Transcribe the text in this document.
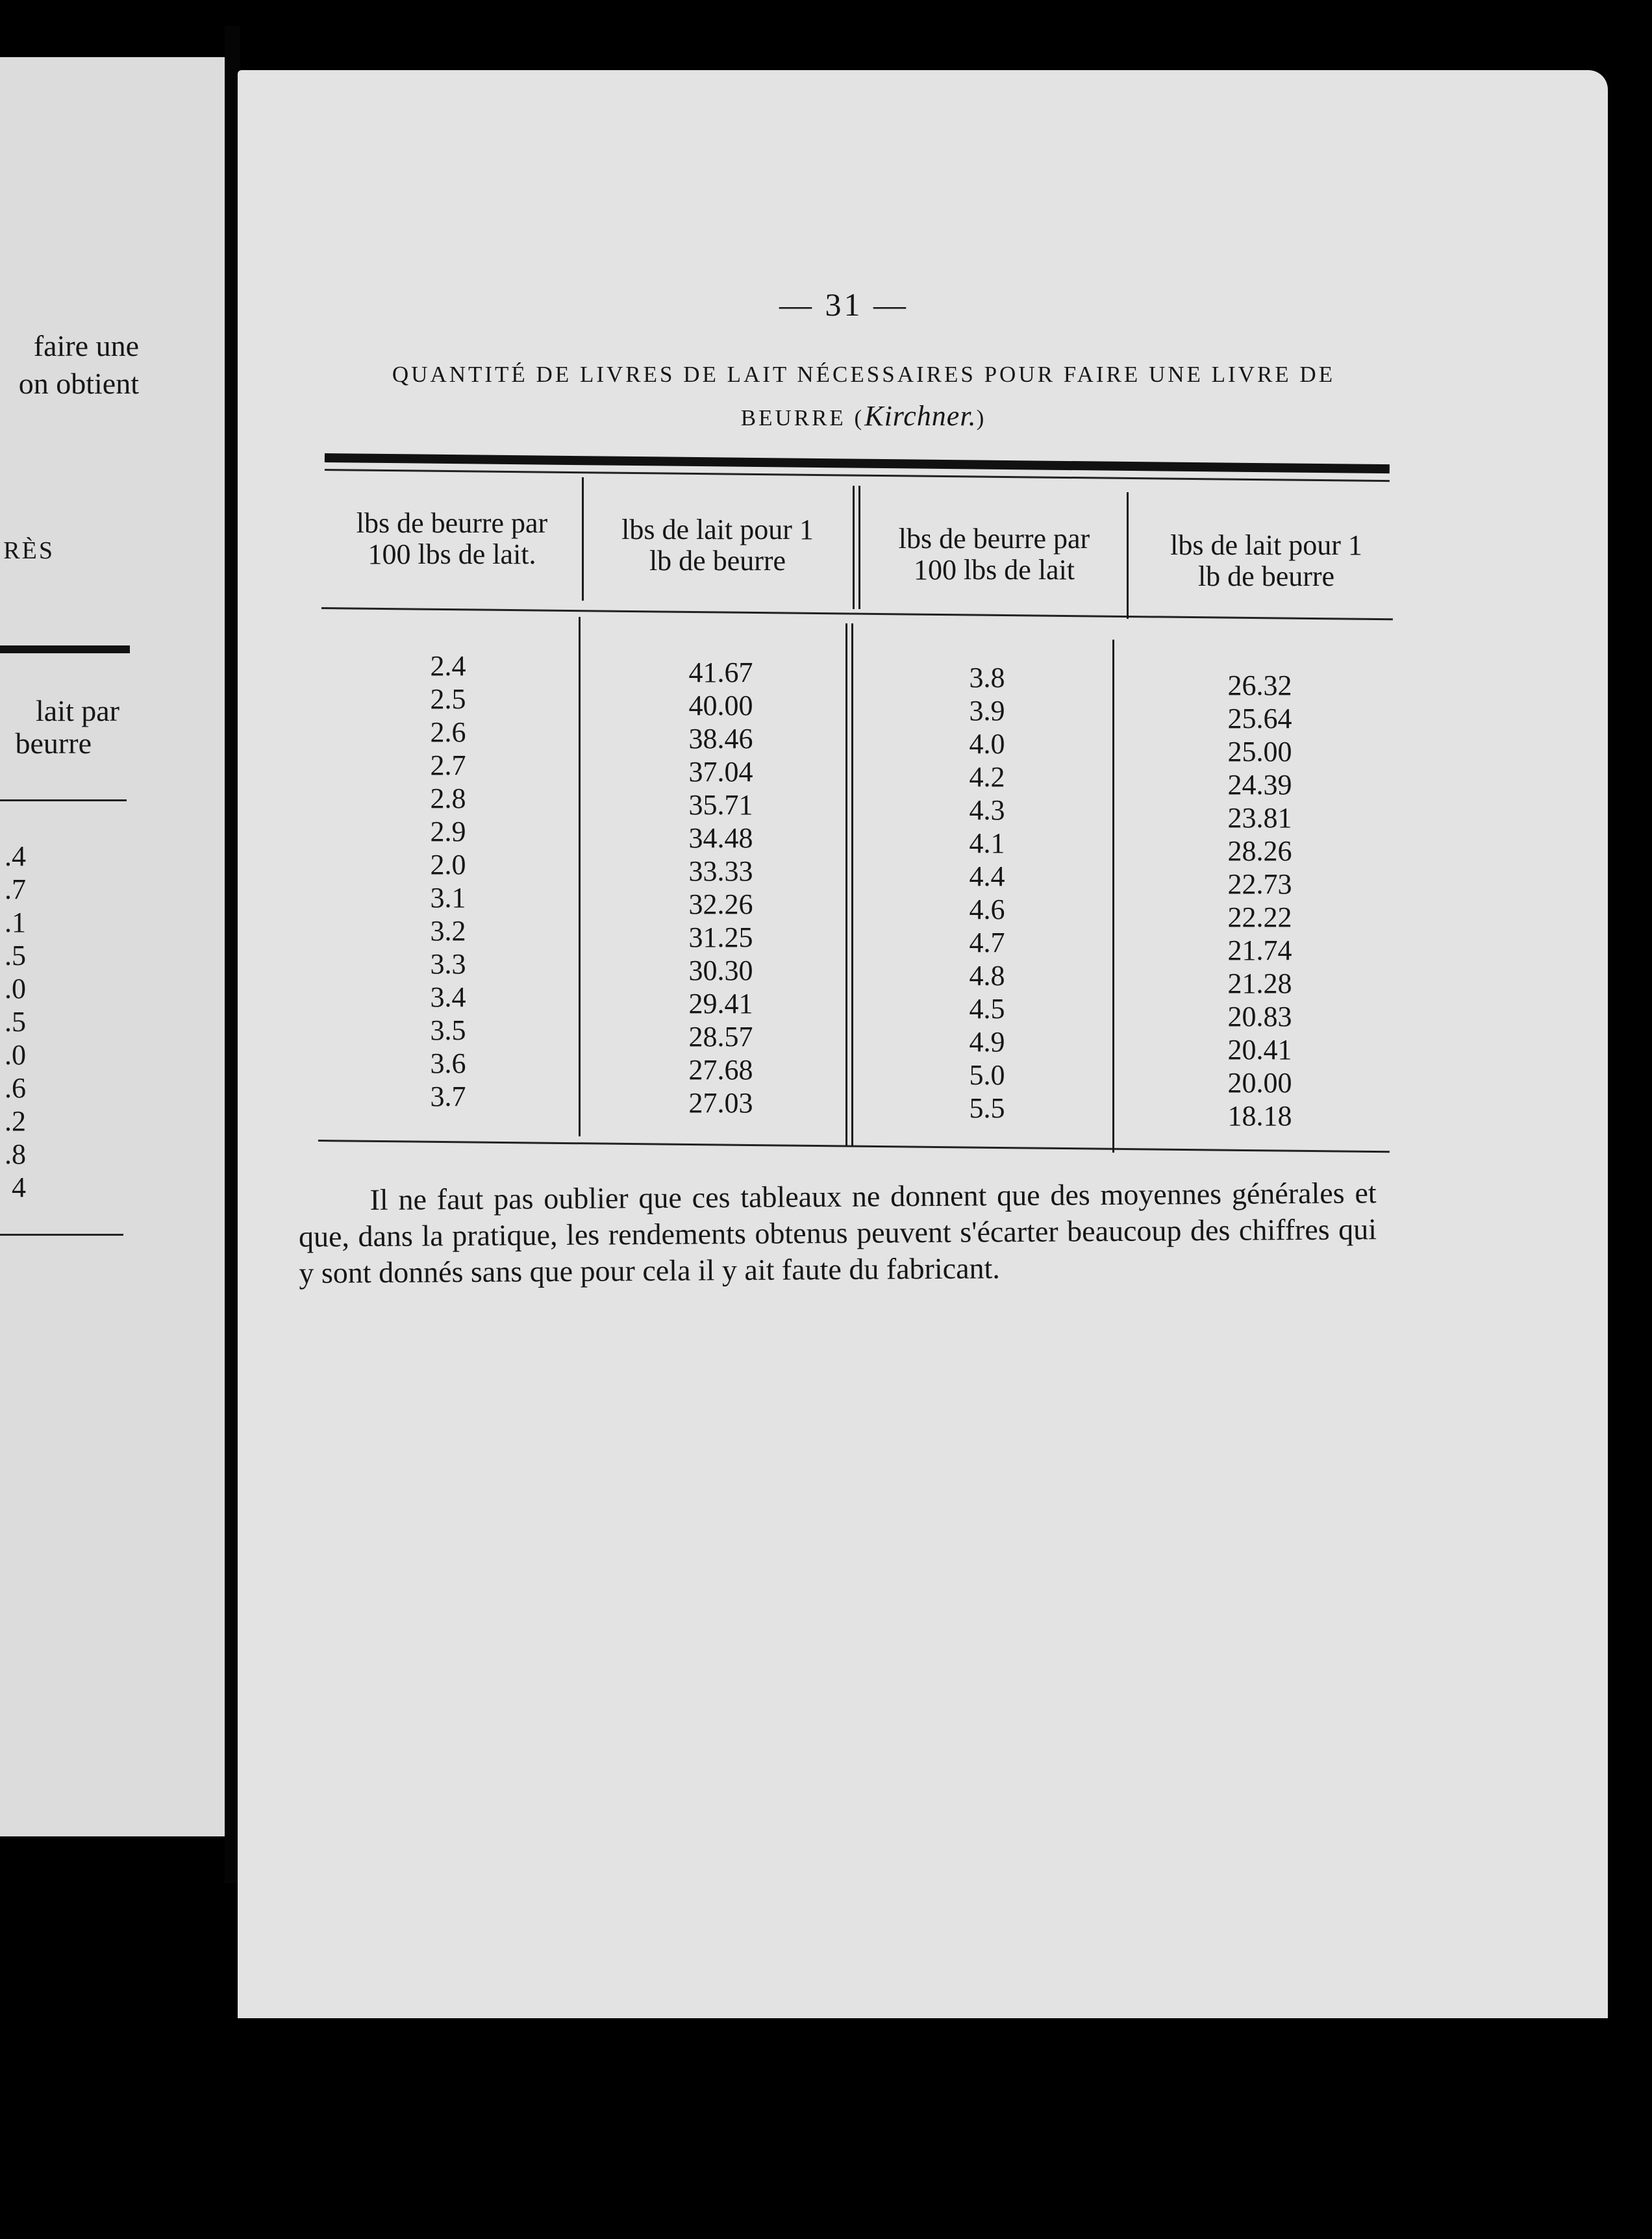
faire une
on obtient
RÈS
lait par
beurre
.4
.7
.1
.5
.0
.5
.0
.6
.2
.8
4
— 31 —
QUANTITÉ DE LIVRES DE LAIT NÉCESSAIRES POUR FAIRE UNE LIVRE DE
BEURRE (Kirchner.)
lbs de beurre par
100 lbs de lait.
lbs de lait pour 1
lb de beurre
lbs de beurre par
100 lbs de lait
lbs de lait pour 1
lb de beurre
2.4
2.5
2.6
2.7
2.8
2.9
2.0
3.1
3.2
3.3
3.4
3.5
3.6
3.7
41.67
40.00
38.46
37.04
35.71
34.48
33.33
32.26
31.25
30.30
29.41
28.57
27.68
27.03
3.8
3.9
4.0
4.2
4.3
4.1
4.4
4.6
4.7
4.8
4.5
4.9
5.0
5.5
26.32
25.64
25.00
24.39
23.81
28.26
22.73
22.22
21.74
21.28
20.83
20.41
20.00
18.18

Il ne faut pas oublier que ces tableaux ne donnent que des moyennes générales et que, dans la pratique, les rendements obtenus peuvent s'écarter beaucoup des chiffres qui y sont donnés sans que pour cela il y ait faute du fabricant.
